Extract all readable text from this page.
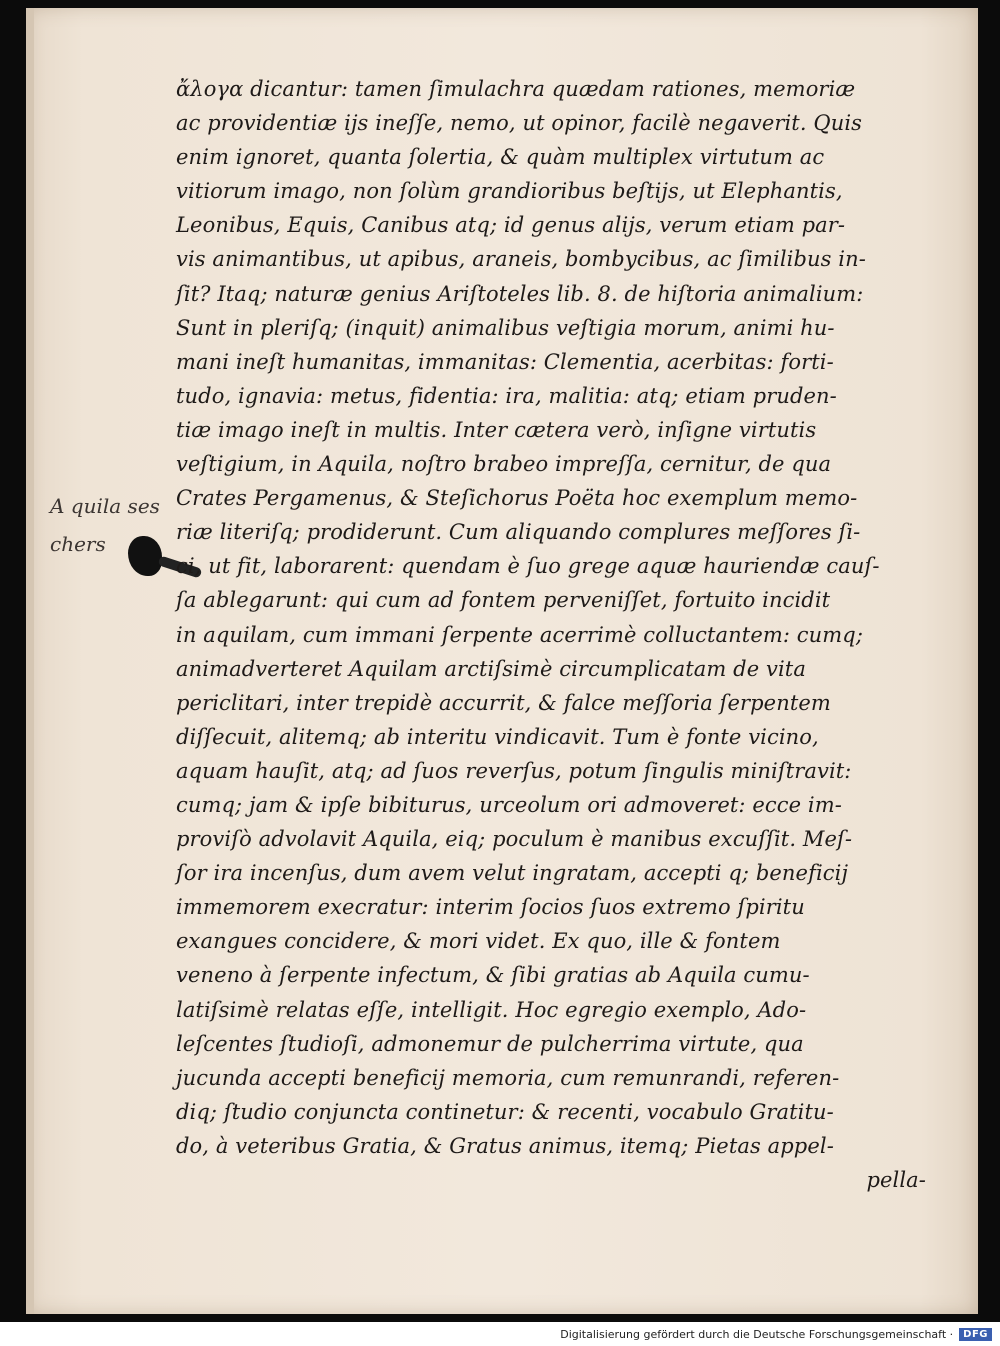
A quila ses
chers
ἄλογα dicantur: tamen ſimulachra quædam rationes, memoriæ
ac providentiæ ijs ineſſe, nemo, ut opinor, facilè negaverit. Quis
enim ignoret, quanta ſolertia, & quàm multiplex virtutum ac
vitiorum imago, non ſolùm grandioribus beſtijs, ut Elephantis,
Leonibus, Equis, Canibus atq; id genus alijs, verum etiam par-
vis animantibus, ut apibus, araneis, bombycibus, ac ſimilibus in-
ſit? Itaq; naturæ genius Ariſtoteles lib. 8. de hiſtoria animalium:
Sunt in pleriſq; (inquit) animalibus veſtigia morum, animi hu-
mani ineſt humanitas, immanitas: Clementia, acerbitas: forti-
tudo, ignavia: metus, fidentia: ira, malitia: atq; etiam pruden-
tiæ imago ineſt in multis. Inter cætera verò, inſigne virtutis
veſtigium, in Aquila, noſtro brabeo impreſſa, cernitur, de qua
Crates Pergamenus, & Steſichorus Poëta hoc exemplum memo-
riæ literiſq; prodiderunt. Cum aliquando complures meſſores ſi-
ci, ut fit, laborarent: quendam è ſuo grege aquæ hauriendæ cauſ-
ſa ablegarunt: qui cum ad fontem perveniſſet, fortuito incidit
in aquilam, cum immani ſerpente acerrimè colluctantem: cumq;
animadverteret Aquilam arctiſsimè circumplicatam de vita
periclitari, inter trepidè accurrit, & falce meſſoria ſerpentem
diſſecuit, alitemq; ab interitu vindicavit. Tum è fonte vicino,
aquam hauſit, atq; ad ſuos reverſus, potum ſingulis miniſtravit:
cumq; jam & ipſe bibiturus, urceolum ori admoveret: ecce im-
proviſò advolavit Aquila, eiq; poculum è manibus excuſſit. Meſ-
ſor ira incenſus, dum avem velut ingratam, accepti q; beneficij
immemorem execratur: interim ſocios ſuos extremo ſpiritu
exangues concidere, & mori videt. Ex quo, ille & fontem
veneno à ſerpente infectum, & ſibi gratias ab Aquila cumu-
latiſsimè relatas eſſe, intelligit. Hoc egregio exemplo, Ado-
leſcentes ſtudioſi, admonemur de pulcherrima virtute, qua
jucunda accepti beneficij memoria, cum remunrandi, referen-
diq; ſtudio conjuncta continetur: & recenti, vocabulo Gratitu-
do, à veteribus Gratia, & Gratus animus, itemq; Pietas appel-
pella-
Digitalisierung gefördert durch die Deutsche Forschungsgemeinschaft ·	DFG
